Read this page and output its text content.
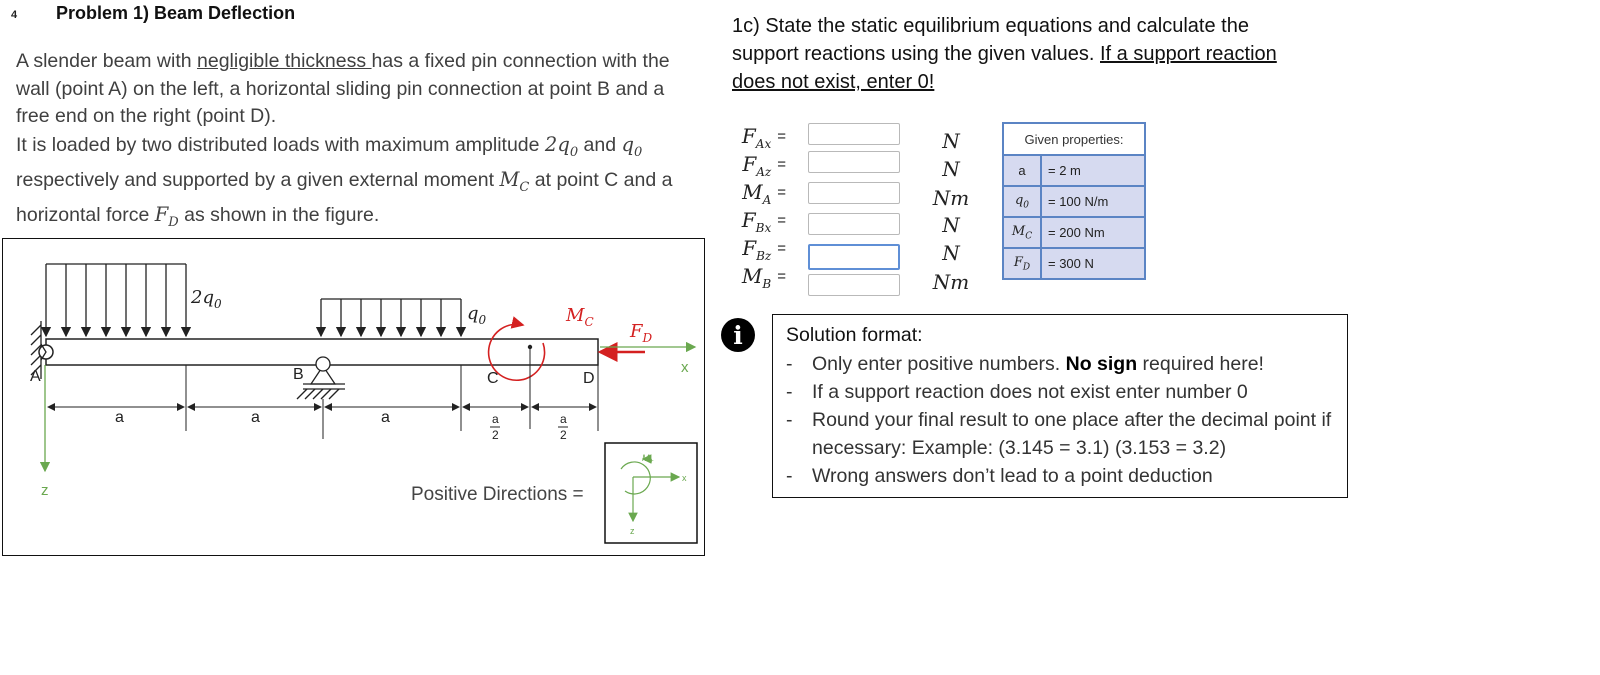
4	Problem 1) Beam Deflection
A slender beam with negligible thickness has a fixed pin connection with the wall (point A) on the left, a horizontal sliding pin connection at point B and a free end on the right (point D).
It is loaded by two distributed loads with maximum amplitude $2q_0$ and $q_0$ respectively and supported by a given external moment $M_C$ at point C and a horizontal force $F_D$ as shown in the figure.
$2q_0$	$q_0$	$M_C$ $F_D$
x
z
A	B	C	D
a	a	a	a
2
a
2
Positive Directions =
$M_+$
x
z
1c) State the static equilibrium equations and calculate the support reactions using the given values. If a support reaction does not exist, enter 0!
$F_{Ax}$ =	N
$F_{Az}$ =	N
$M_A$ =	Nm
$F_{Bx}$ =	N
$F_{Bz}$ =	N
$M_B$ =	Nm
Given properties:	
a	= 2 m
$q_0$	= 100 N/m
$M_C$	= 200 Nm
$F_D$	= 300 N
i	Solution format:
-	Only enter positive numbers. No sign required here!
-	If a support reaction does not exist enter number 0
-	Round your final result to one place after the decimal point if necessary: Example: (3.145 = 3.1) (3.153 = 3.2)
-	Wrong answers don’t lead to a point deduction
